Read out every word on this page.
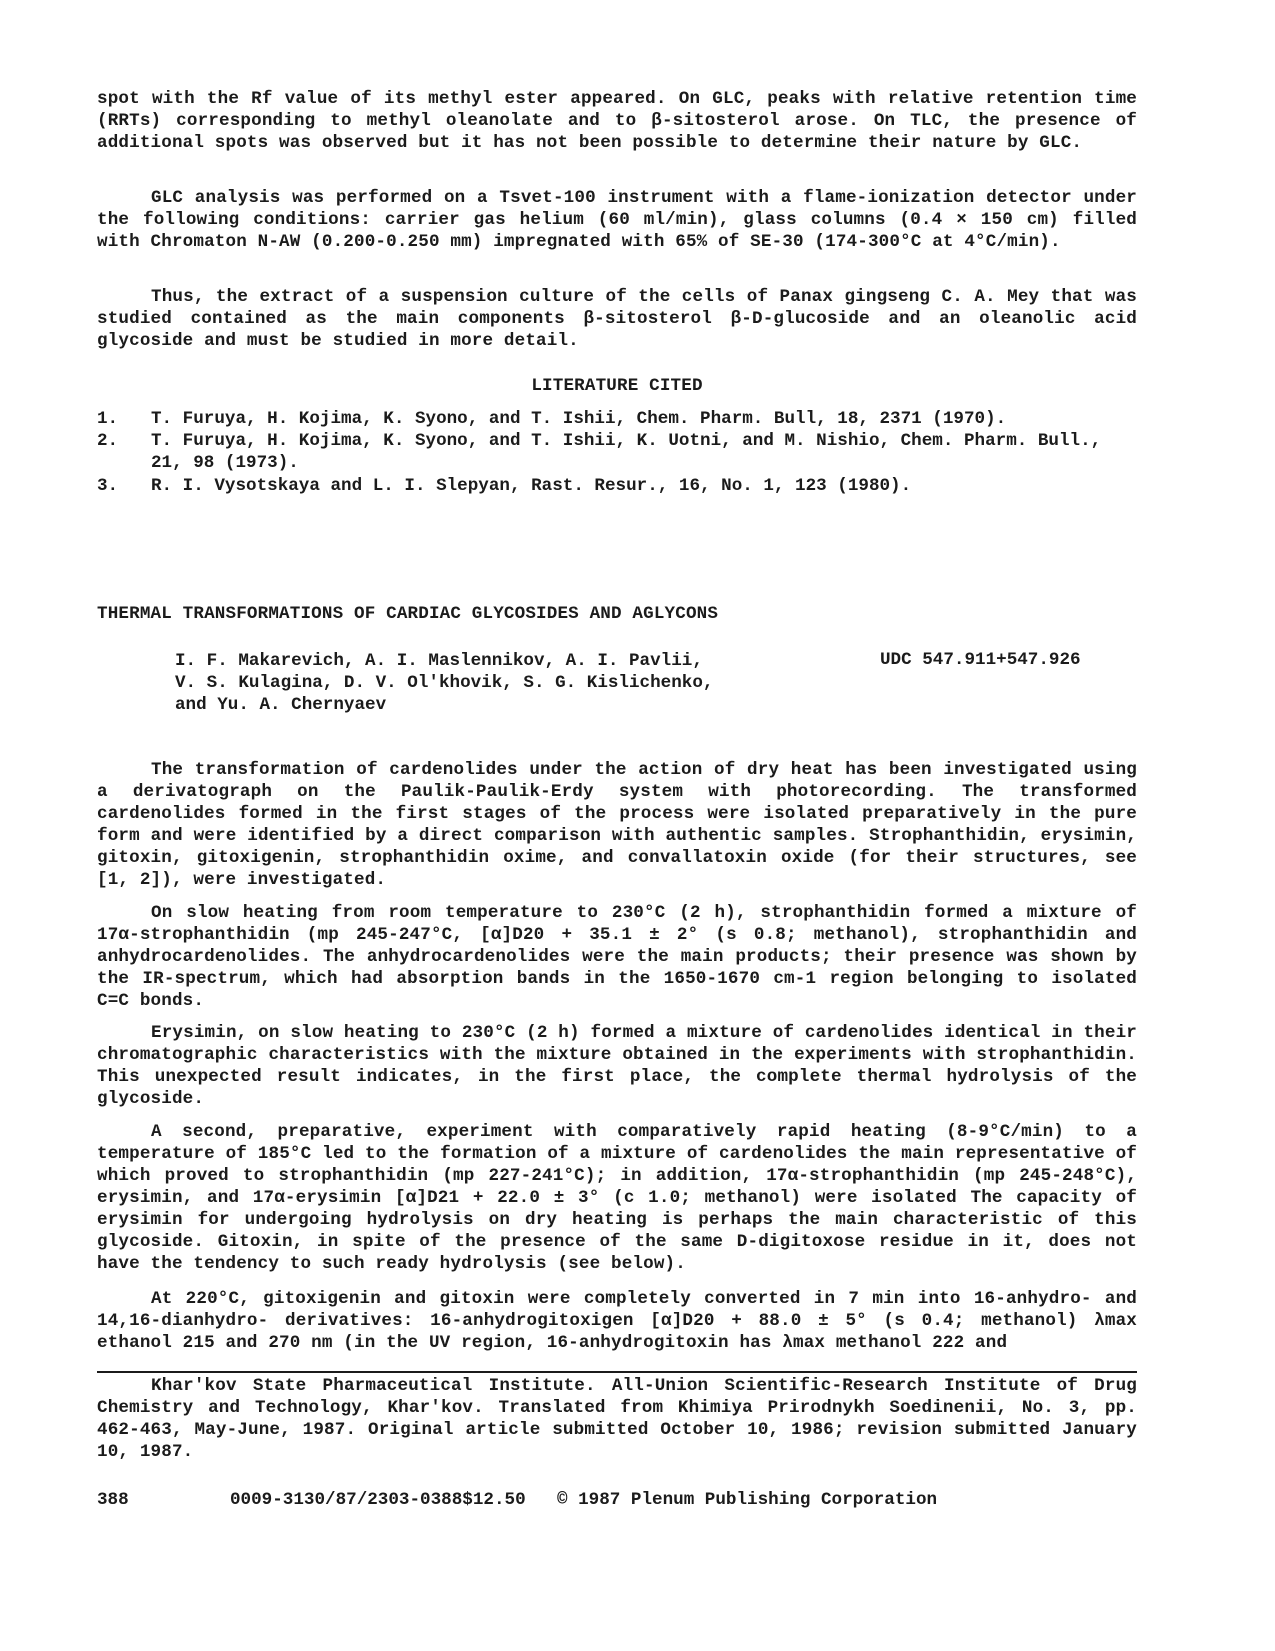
spot with the Rf value of its methyl ester appeared. On GLC, peaks with relative retention time (RRTs) corresponding to methyl oleanolate and to β-sitosterol arose. On TLC, the presence of additional spots was observed but it has not been possible to determine their nature by GLC.

GLC analysis was performed on a Tsvet-100 instrument with a flame-ionization detector under the following conditions: carrier gas helium (60 ml/min), glass columns (0.4 × 150 cm) filled with Chromaton N-AW (0.200-0.250 mm) impregnated with 65% of SE-30 (174-300°C at 4°C/min).

Thus, the extract of a suspension culture of the cells of Panax gingseng C. A. Mey that was studied contained as the main components β-sitosterol β-D-glucoside and an oleanolic acid glycoside and must be studied in more detail.

LITERATURE CITED

1.	T. Furuya, H. Kojima, K. Syono, and T. Ishii, Chem. Pharm. Bull, 18, 2371 (1970).
2.	T. Furuya, H. Kojima, K. Syono, and T. Ishii, K. Uotni, and M. Nishio, Chem. Pharm. Bull., 21, 98 (1973).
3.	R. I. Vysotskaya and L. I. Slepyan, Rast. Resur., 16, No. 1, 123 (1980).
THERMAL TRANSFORMATIONS OF CARDIAC GLYCOSIDES AND AGLYCONS
I. F. Makarevich, A. I. Maslennikov, A. I. Pavlii,
V. S. Kulagina, D. V. Ol'khovik, S. G. Kislichenko,
and Yu. A. Chernyaev
UDC 547.911+547.926

The transformation of cardenolides under the action of dry heat has been investigated using a derivatograph on the Paulik-Paulik-Erdy system with photorecording. The transformed cardenolides formed in the first stages of the process were isolated preparatively in the pure form and were identified by a direct comparison with authentic samples. Strophanthidin, erysimin, gitoxin, gitoxigenin, strophanthidin oxime, and convallatoxin oxide (for their structures, see [1, 2]), were investigated.

On slow heating from room temperature to 230°C (2 h), strophanthidin formed a mixture of 17α-strophanthidin (mp 245-247°C, [α]D20 + 35.1 ± 2° (s 0.8; methanol), strophanthidin and anhydrocardenolides. The anhydrocardenolides were the main products; their presence was shown by the IR-spectrum, which had absorption bands in the 1650-1670 cm-1 region belonging to isolated C=C bonds.

Erysimin, on slow heating to 230°C (2 h) formed a mixture of cardenolides identical in their chromatographic characteristics with the mixture obtained in the experiments with strophanthidin. This unexpected result indicates, in the first place, the complete thermal hydrolysis of the glycoside.

A second, preparative, experiment with comparatively rapid heating (8-9°C/min) to a temperature of 185°C led to the formation of a mixture of cardenolides the main representative of which proved to strophanthidin (mp 227-241°C); in addition, 17α-strophanthidin (mp 245-248°C), erysimin, and 17α-erysimin [α]D21 + 22.0 ± 3° (c 1.0; methanol) were isolated The capacity of erysimin for undergoing hydrolysis on dry heating is perhaps the main characteristic of this glycoside. Gitoxin, in spite of the presence of the same D-digitoxose residue in it, does not have the tendency to such ready hydrolysis (see below).

At 220°C, gitoxigenin and gitoxin were completely converted in 7 min into 16-anhydro- and 14,16-dianhydro- derivatives: 16-anhydrogitoxigen [α]D20 + 88.0 ± 5° (s 0.4; methanol) λmax ethanol 215 and 270 nm (in the UV region, 16-anhydrogitoxin has λmax methanol 222 and

Khar'kov State Pharmaceutical Institute. All-Union Scientific-Research Institute of Drug Chemistry and Technology, Khar'kov. Translated from Khimiya Prirodnykh Soedinenii, No. 3, pp. 462-463, May-June, 1987. Original article submitted October 10, 1986; revision submitted January 10, 1987.

388	0009-3130/87/2303-0388$12.50 © 1987 Plenum Publishing Corporation
